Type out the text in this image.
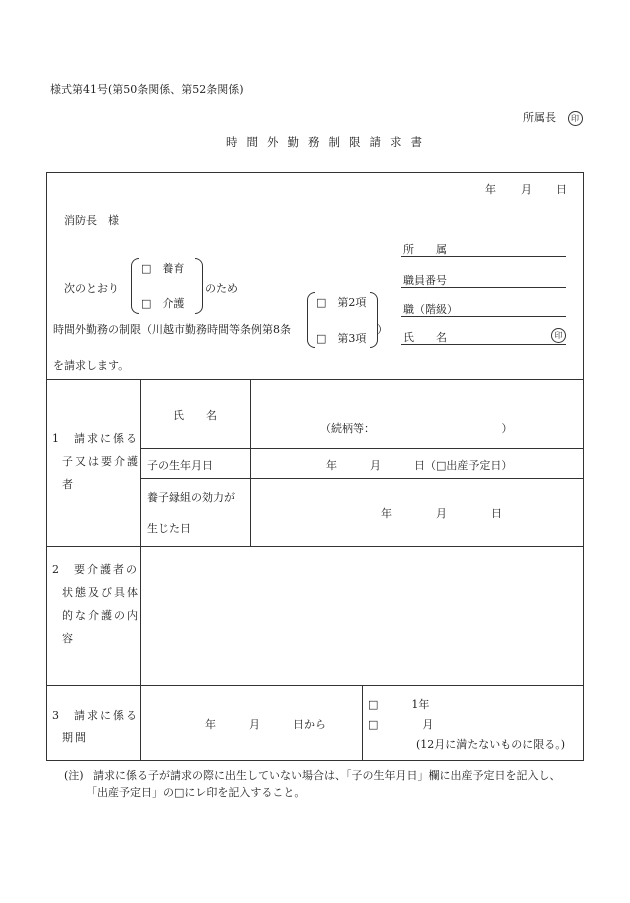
様式第41号(第50条関係、第52条関係)
所属長 印
時間外勤務制限請求書
年 月 日
消防長　様
次のとおり
□　養育
□　介護
のため
時間外勤務の制限（川越市勤務時間等条例第8条
□　第2項
□　第3項
）
を請求します。
所　　属
職員番号
職（階級）
氏　　名	印
1　請求に係る
子又は要介護
者
氏　　名
（続柄等：　　　　　　　　　　　　）
子の生年月日	年　　　月　　　日（□出産予定日）
養子縁組の効力が
生じた日
年　　　　月　　　　日
2　要介護者の
状態及び具体
的な介護の内
容
3　請求に係る
期間
年　　　月　　　日から
□　　　1年
□　　　　月
(12月に満たないものに限る。)
(注) 請求に係る子が請求の際に出生していない場合は、「子の生年月日」欄に出産予定日を記入し、
「出産予定日」の□にレ印を記入すること。
